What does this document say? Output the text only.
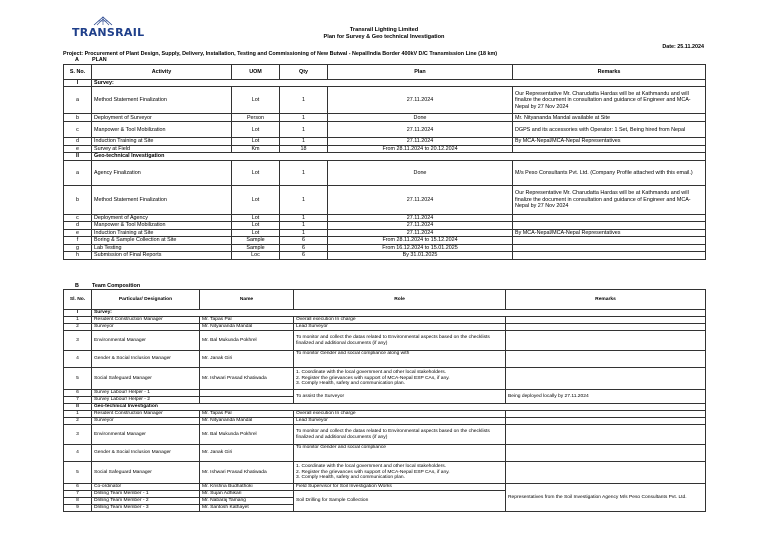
TRANSRAIL	Transrail Lighting Limited
Plan for Survey & Geo technical Investigation
Date: 25.11.2024
Project: Procurement of Plant Design, Supply, Delivery, Installation, Testing and Commissioning of New Butwal - Nepal/India Border 400kV D/C Transmission Line (18 km)
A PLAN
S. No.	Activity	UOM	Qty	Plan	Remarks
I	Survey:				
a	Method Statement Finalization	Lot	1	27.11.2024	Our Representative Mr. Charudatta Hardas will be at Kathmandu and will finalize the document in consultation and guidance of Engineer and MCA-Nepal by 27 Nov 2024
b	Deployment of Surveyor	Person	1	Done	Mr. Nityananda Mandal available at Site
c	Manpower & Tool Mobilization	Lot	1	27.11.2024	DGPS and its accessories with Operator: 1 Set, Being hired from Nepal
d	Induction Training at Site	Lot	1	27.11.2024	By MCA-Nepal/MCA-Nepal Representatives
e	Survey at Field	Km	18	From 28.11.2024 to 20.12.2024	
II	Geo-technical Investigation				
a	Agency Finalization	Lot	1	Done	M/s Peso Consultants Pvt. Ltd. (Company Profile attached with this email.)
b	Method Statement Finalization	Lot	1	27.11.2024	Our Representative Mr. Charudatta Hardas will be at Kathmandu and will finalize the document in consultation and guidance of Engineer and MCA-Nepal by 27 Nov 2024
c	Deployment of Agency	Lot	1	27.11.2024	
d	Manpower & Tool Mobilization	Lot	1	27.11.2024	
e	Induction Training at Site	Lot	1	27.11.2024	By MCA-Nepal/MCA-Nepal Representatives
f	Boring & Sample Collection at Site	Sample	6	From 28.11.2024 to 15.12.2024	
g	Lab Testing	Sample	6	From 16.12.2024 to 15.01.2025	
h	Submission of Final Reports	Loc	6	By 31.01.2025	
B Team Composition
Sl. No.	Particular/ Designation	Name	Role	Remarks
I	Survey:			
1	Resident Construction Manager	Mr. Tapas Pal	Overall execution In charge	
2	Surveyor	Mr. Nityananda Mandal	Lead Surveyor	
3	Environmental Manager	Mr. Bal Mukunda Pokhrel	To monitor and collect the datas related to Environmental aspects based on the checklists finalized and additional documents (if any)	
4	Gender & Social Inclusion Manager	Mr. Janak Giri	To monitor Gender and social compliance along with	
5	Social Safeguard Manager	Mr. Ishwari Prasad Khatiwada	1. Coordinate with the local government and other local stakeholders.
2. Register the grievances with support of MCA-Nepal ESP CAs, if any.
3. Comply Health, safety and communication plan.	
6	Survey Labour/ Helper - 1		To assist the Surveyor	Being deployed locally by 27.11.2024
7	Survey Labour/ Helper - 2			
II	Geo-technical Investigation			
1	Resident Construction Manager	Mr. Tapas Pal	Overall execution In charge	
2	Surveyor	Mr. Nityananda Mandal	Lead Surveyor	
3	Environmental Manager	Mr. Bal Mukunda Pokhrel	To monitor and collect the datas related to Environmental aspects based on the checklists finalized and additional documents (if any)	
4	Gender & Social Inclusion Manager	Mr. Janak Giri	To monitor Gender and social compliance	
5	Social Safeguard Manager	Mr. Ishwari Prasad Khatiwada	1. Coordinate with the local government and other local stakeholders.
2. Register the grievances with support of MCA-Nepal ESP CAs, if any.
3. Comply Health, safety and communication plan.	
6	Co-ordinator	Mr. Krishna Budhathoki	Field Supervisor for Soil Investigation Works	Representatives from the Soil Investigation Agency M/s Peso Consultants Pvt. Ltd.
7	Drilling Team Member - 1	Mr. Sujan Adhikari	Soil Drilling for Sample Collection	
8	Drilling Team Member - 2	Mr. Nabaraj Tamang		
9	Drilling Team Member - 3	Mr. Santosh Kathayet		
